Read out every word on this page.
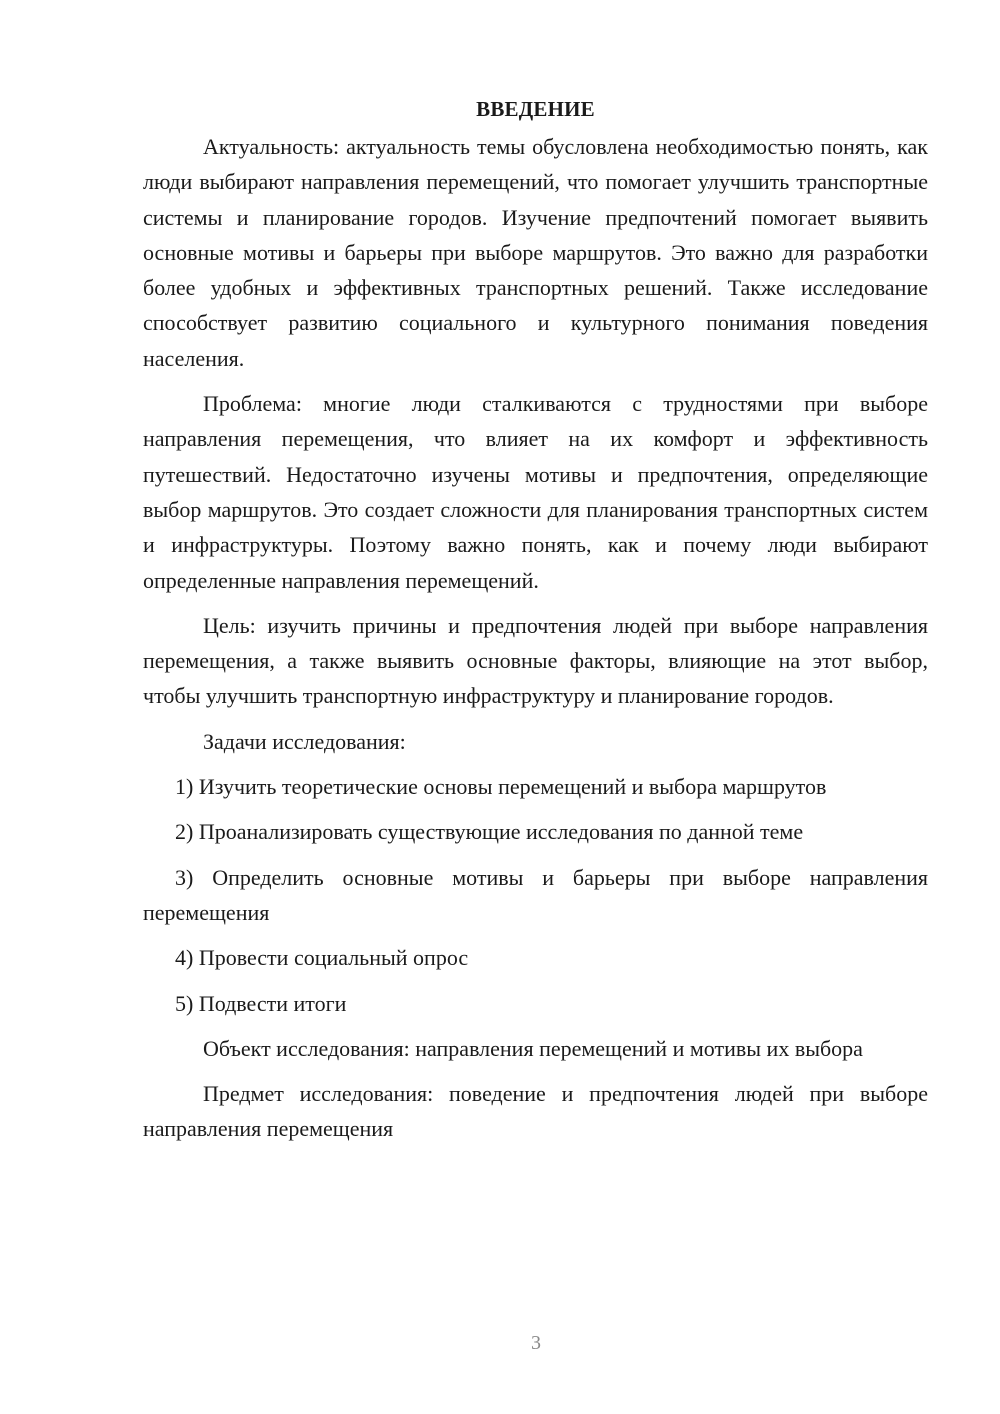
ВВЕДЕНИЕ

Актуальность: актуальность темы обусловлена необходимостью понять, как люди выбирают направления перемещений, что помогает улучшить транспортные системы и планирование городов. Изучение предпочтений помогает выявить основные мотивы и барьеры при выборе маршрутов. Это важно для разработки более удобных и эффективных транспортных решений. Также исследование способствует развитию социального и культурного понимания поведения населения.

Проблема: многие люди сталкиваются с трудностями при выборе направления перемещения, что влияет на их комфорт и эффективность путешествий. Недостаточно изучены мотивы и предпочтения, определяющие выбор маршрутов. Это создает сложности для планирования транспортных систем и инфраструктуры. Поэтому важно понять, как и почему люди выбирают определенные направления перемещений.

Цель: изучить причины и предпочтения людей при выборе направления перемещения, а также выявить основные факторы, влияющие на этот выбор, чтобы улучшить транспортную инфраструктуру и планирование городов.

Задачи исследования:

1) Изучить теоретические основы перемещений и выбора маршрутов

2) Проанализировать существующие исследования по данной теме

3) Определить основные мотивы и барьеры при выборе направления перемещения

4) Провести социальный опрос

5) Подвести итоги

Объект исследования: направления перемещений и мотивы их выбора

Предмет исследования: поведение и предпочтения людей при выборе направления перемещения

3
